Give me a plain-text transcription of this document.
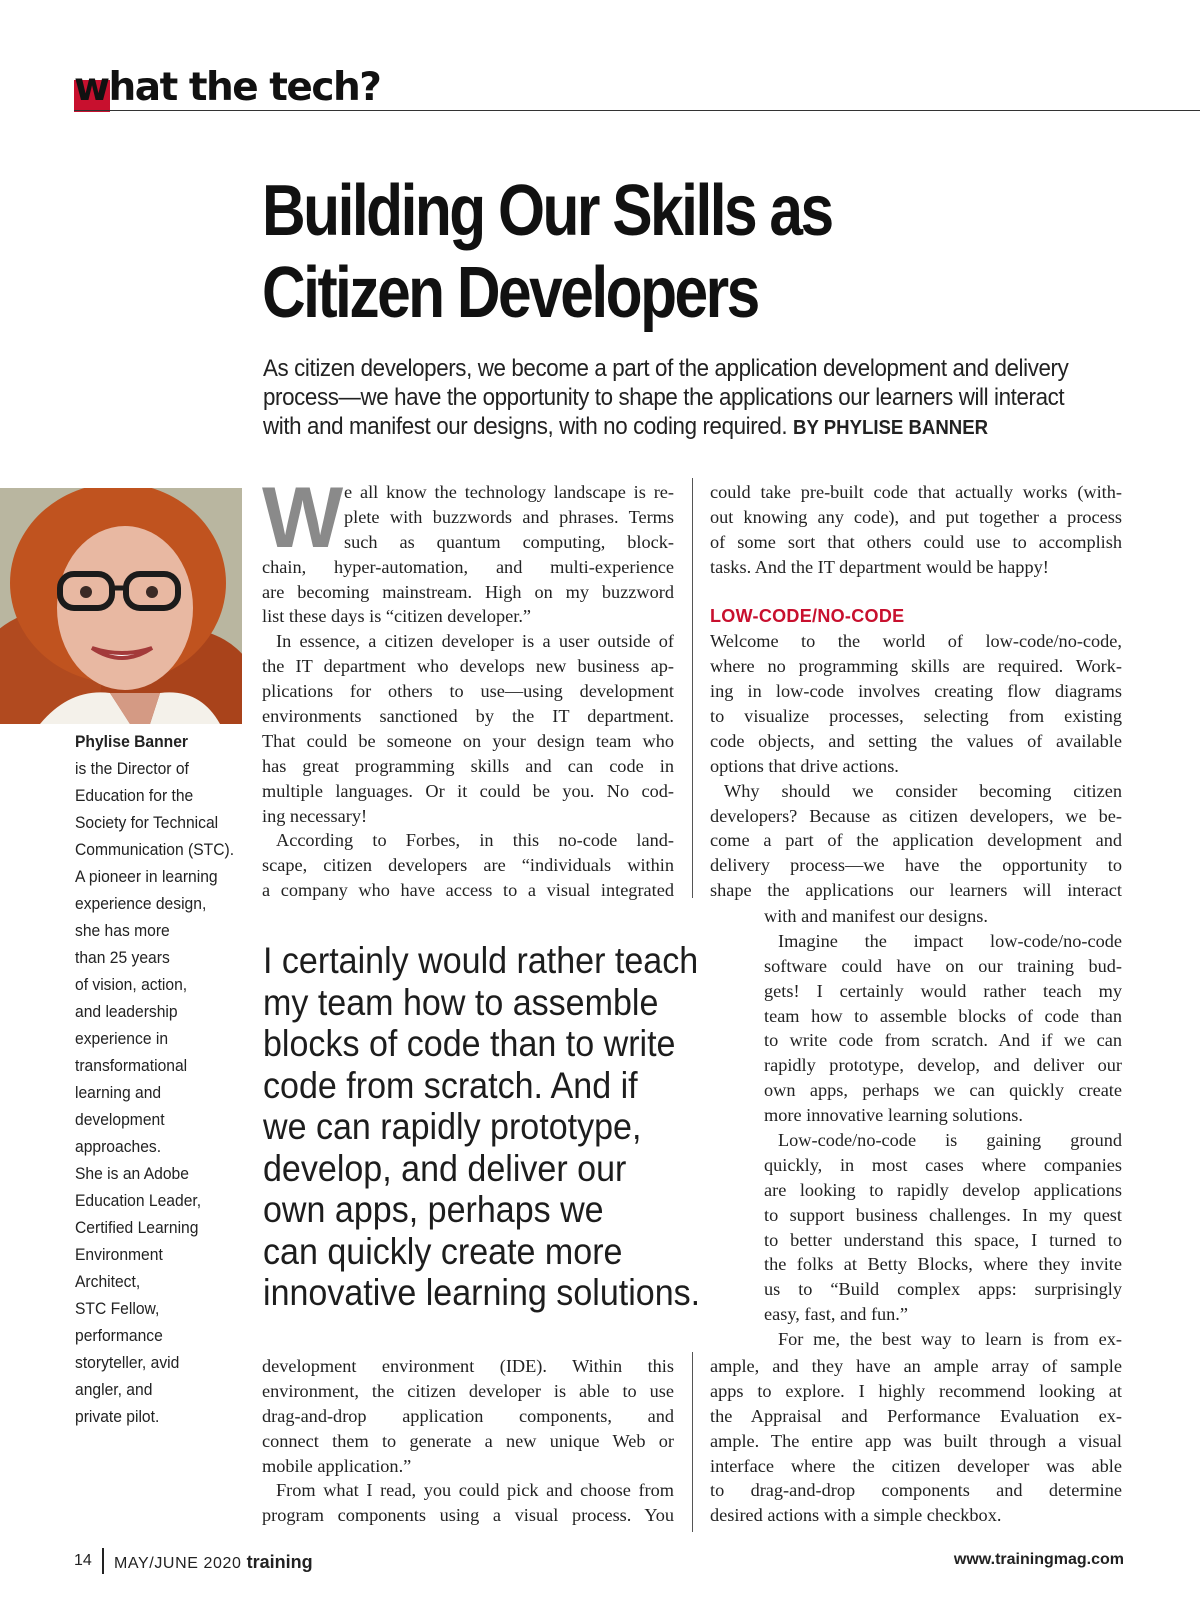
what the tech?
Building Our Skills as
Citizen Developers
As citizen developers, we become a part of the application development and delivery
process—we have the opportunity to shape the applications our learners will interact
with and manifest our designs, with no coding required. BY PHYLISE BANNER
Phylise Banner
is the Director of
Education for the
Society for Technical
Communication (STC).
A pioneer in learning
experience design,
she has more
than 25 years
of vision, action,
and leadership
experience in
transformational
learning and
development
approaches.
She is an Adobe
Education Leader,
Certified Learning
Environment
Architect,
STC Fellow,
performance
storyteller, avid
angler, and
private pilot.
W e all know the technology landscape is re-
plete with buzzwords and phrases. Terms
such as quantum computing, block-
chain, hyper-automation, and multi-experience
are becoming mainstream. High on my buzzword
list these days is “citizen developer.”
In essence, a citizen developer is a user outside of
the IT department who develops new business ap-
plications for others to use—using development
environments sanctioned by the IT department.
That could be someone on your design team who
has great programming skills and can code in
multiple languages. Or it could be you. No cod-
ing necessary!
According to Forbes, in this no-code land-
scape, citizen developers are “individuals within
a company who have access to a visual integrated
I certainly would rather teach
my team how to assemble
blocks of code than to write
code from scratch. And if
we can rapidly prototype,
develop, and deliver our
own apps, perhaps we
can quickly create more
innovative learning solutions.
development environment (IDE). Within this
environment, the citizen developer is able to use
drag-and-drop application components, and
connect them to generate a new unique Web or
mobile application.”
From what I read, you could pick and choose from
program components using a visual process. You
could take pre-built code that actually works (with-
out knowing any code), and put together a process
of some sort that others could use to accomplish
tasks. And the IT department would be happy!
LOW-CODE/NO-CODE
Welcome to the world of low-code/no-code,
where no programming skills are required. Work-
ing in low-code involves creating flow diagrams
to visualize processes, selecting from existing
code objects, and setting the values of available
options that drive actions.
Why should we consider becoming citizen
developers? Because as citizen developers, we be-
come a part of the application development and
delivery process—we have the opportunity to
shape the applications our learners will interact
with and manifest our designs.
Imagine the impact low-code/no-code
software could have on our training bud-
gets! I certainly would rather teach my
team how to assemble blocks of code than
to write code from scratch. And if we can
rapidly prototype, develop, and deliver our
own apps, perhaps we can quickly create
more innovative learning solutions.
Low-code/no-code is gaining ground
quickly, in most cases where companies
are looking to rapidly develop applications
to support business challenges. In my quest
to better understand this space, I turned to
the folks at Betty Blocks, where they invite
us to “Build complex apps: surprisingly
easy, fast, and fun.”
For me, the best way to learn is from ex-
ample, and they have an ample array of sample
apps to explore. I highly recommend looking at
the Appraisal and Performance Evaluation ex-
ample. The entire app was built through a visual
interface where the citizen developer was able
to drag-and-drop components and determine
desired actions with a simple checkbox.
14 MAY/JUNE 2020 training	www.trainingmag.com
